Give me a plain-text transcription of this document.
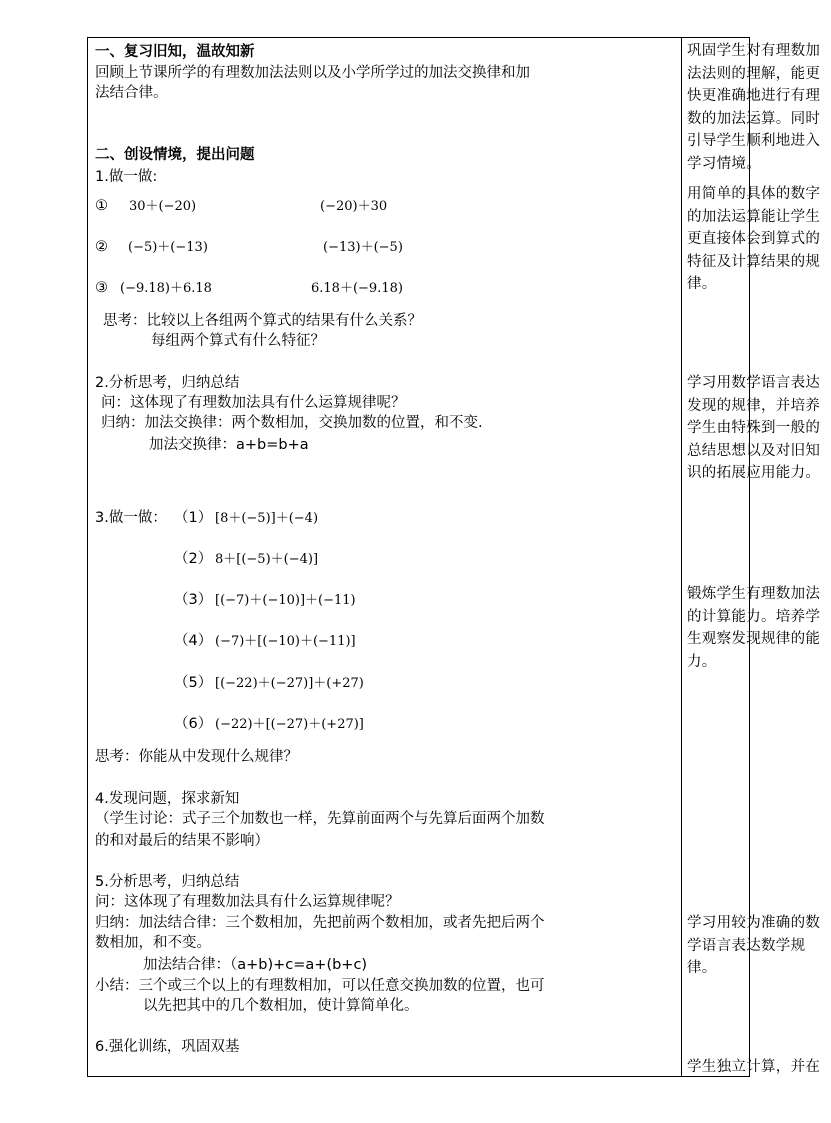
一、复习旧知，温故知新
回顾上节课所学的有理数加法法则以及小学所学过的加法交换律和加
法结合律。
二、创设情境，提出问题
1.做一做:
① 30＋(−20)	(−20)＋30
② (−5)＋(−13)	(−13)＋(−5)
③ (−9.18)＋6.18	6.18＋(−9.18)
思考：比较以上各组两个算式的结果有什么关系？
每组两个算式有什么特征？
2.分析思考，归纳总结
问：这体现了有理数加法具有什么运算规律呢？
归纳：加法交换律：两个数相加，交换加数的位置，和不变.
加法交换律：a+b=b+a
3.做一做： （1） [8＋(−5)]＋(−4)
（2） 8＋[(−5)＋(−4)]
（3） [(−7)＋(−10)]＋(−11)
（4） (−7)＋[(−10)＋(−11)]
（5） [(−22)＋(−27)]＋(+27)
（6） (−22)＋[(−27)＋(+27)]
思考：你能从中发现什么规律？
4.发现问题，探求新知
（学生讨论：式子三个加数也一样，先算前面两个与先算后面两个加数
的和对最后的结果不影响）
5.分析思考，归纳总结
问：这体现了有理数加法具有什么运算规律呢？
归纳：加法结合律：三个数相加，先把前两个数相加，或者先把后两个
数相加，和不变。
加法结合律：（a+b)+c=a+(b+c)
小结：三个或三个以上的有理数相加，可以任意交换加数的位置，也可
以先把其中的几个数相加，使计算简单化。
6.强化训练，巩固双基
巩固学生对有理数加法法则的理解，能更快更准确地进行有理数的加法运算。同时引导学生顺利地进入学习情境。
用简单的具体的数字的加法运算能让学生更直接体会到算式的特征及计算结果的规律。
学习用数学语言表达发现的规律，并培养学生由特殊到一般的总结思想以及对旧知识的拓展应用能力。
锻炼学生有理数加法的计算能力。培养学生观察发现规律的能力。
学习用较为准确的数学语言表达数学规律。
学生独立计算，并在
